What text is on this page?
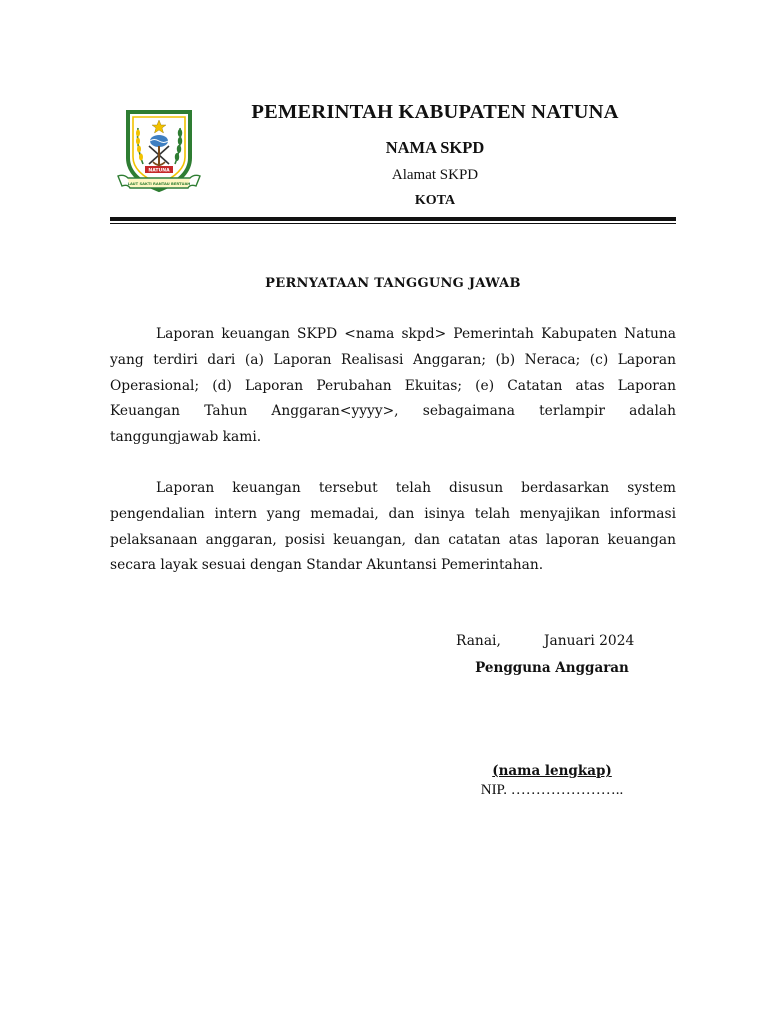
NATUNA
LAUT SAKTI RANTAU BERTUAH
PEMERINTAH KABUPATEN NATUNA
NAMA SKPD
Alamat SKPD
KOTA
PERNYATAAN TANGGUNG JAWAB

Laporan keuangan SKPD <nama skpd> Pemerintah Kabupaten Natuna yang terdiri dari (a) Laporan Realisasi Anggaran; (b) Neraca; (c) Laporan Operasional; (d) Laporan Perubahan Ekuitas; (e) Catatan atas Laporan Keuangan Tahun Anggaran<yyyy>, sebagaimana terlampir adalah tanggungjawab kami.

Laporan keuangan tersebut telah disusun berdasarkan system pengendalian intern yang memadai, dan isinya telah menyajikan informasi pelaksanaan anggaran, posisi keuangan, dan catatan atas laporan keuangan secara layak sesuai dengan Standar Akuntansi Pemerintahan.

Ranai,	Januari 2024
Pengguna Anggaran
(nama lengkap)
NIP. …………………..
